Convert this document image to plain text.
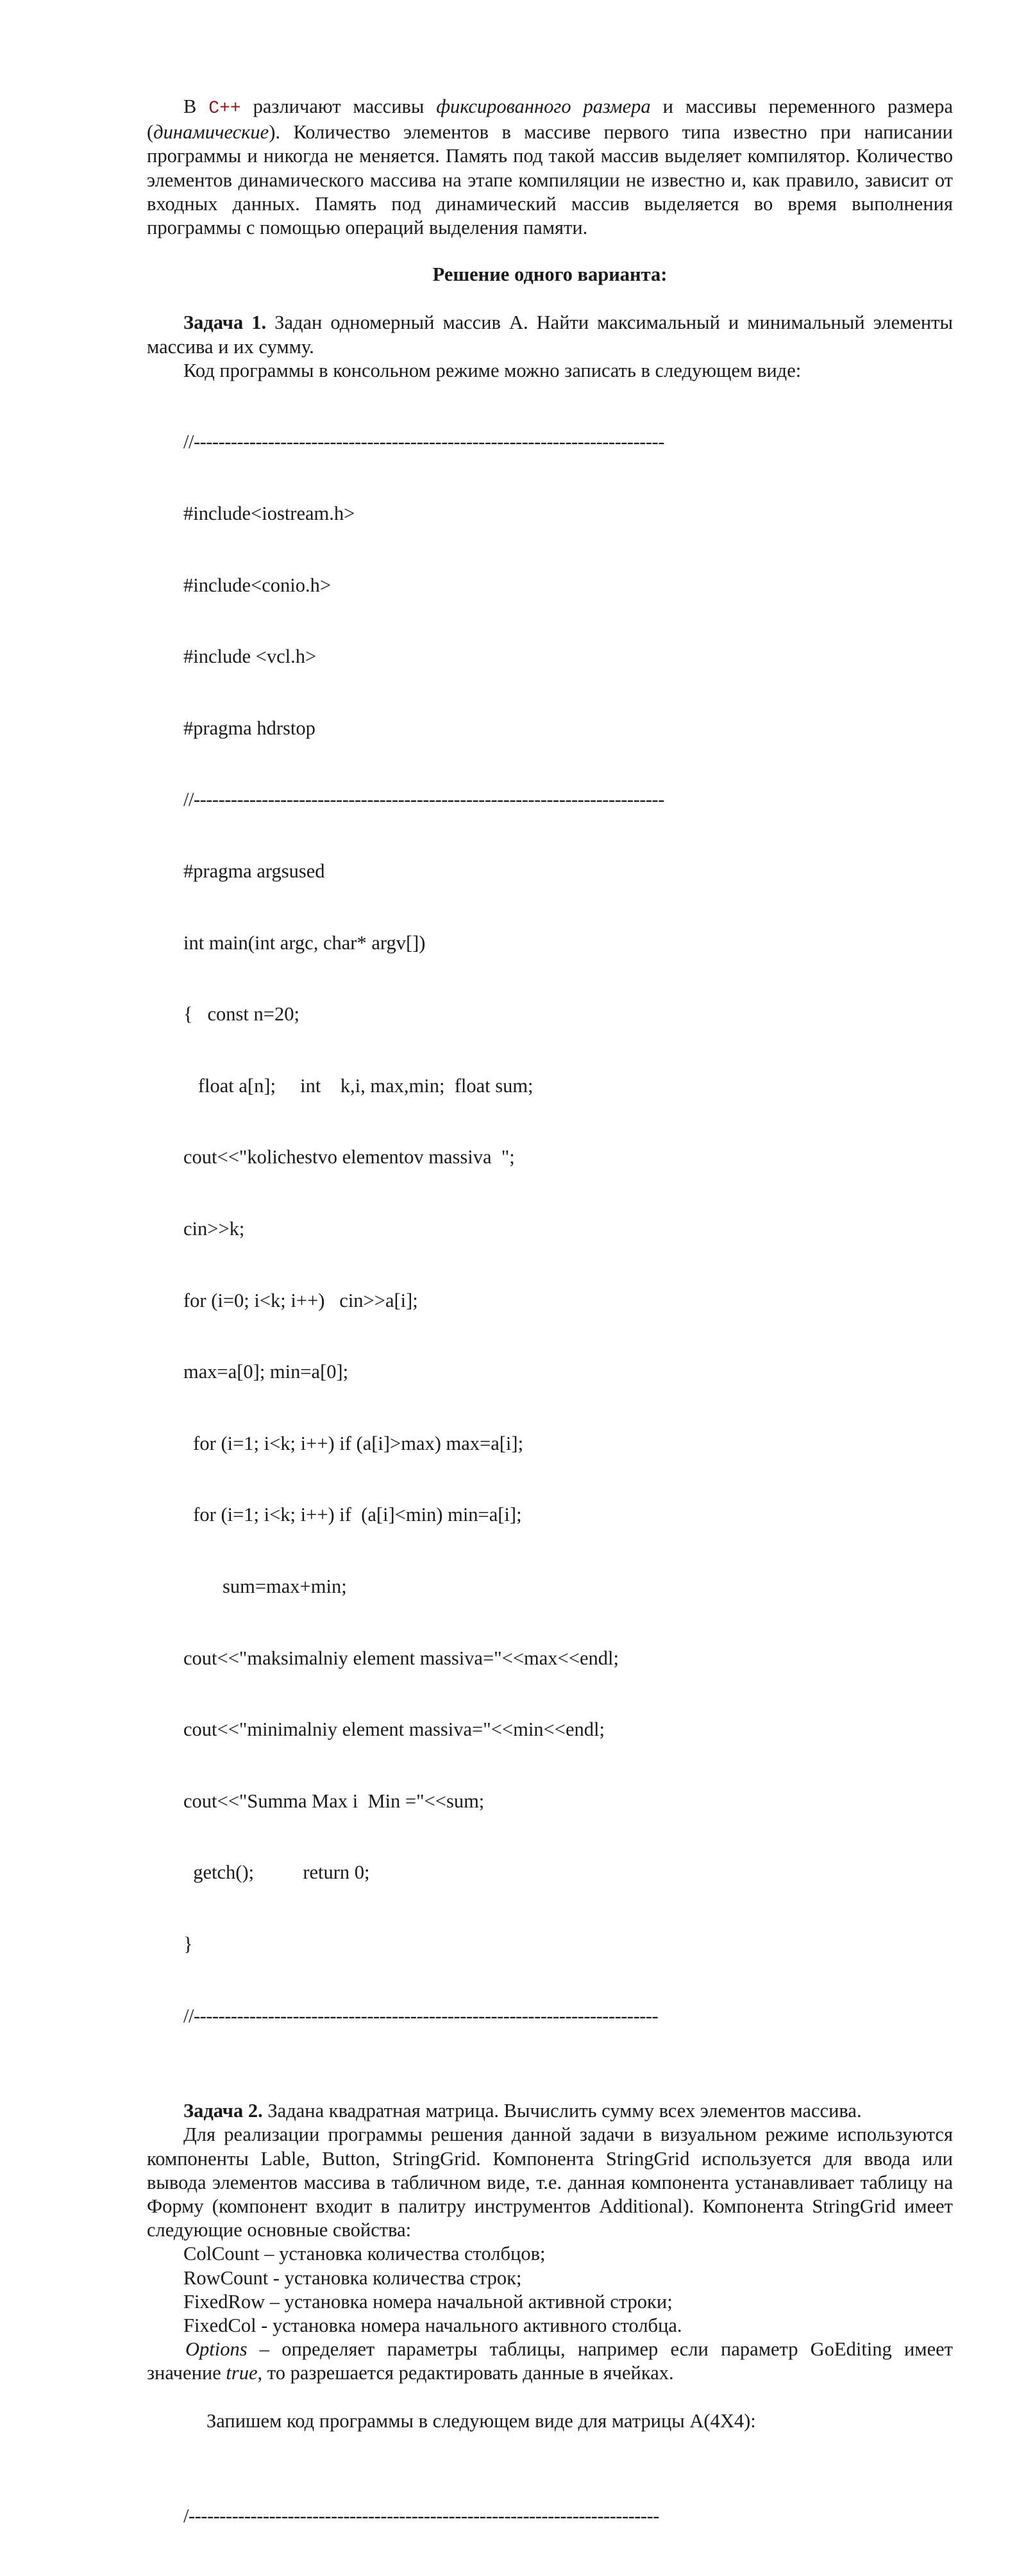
В C++ различают массивы фиксированного размера и массивы переменного размера (динамические). Количество элементов в массиве первого типа известно при написании программы и никогда не меняется. Память под такой массив выделяет компилятор. Количество элементов динамического массива на этапе компиляции не известно и, как правило, зависит от входных данных. Память под динамический массив выделяется во время выполнения программы с помощью операций выделения памяти.

Решение одного варианта:

Задача 1. Задан одномерный массив А. Найти максимальный и минимальный элементы массива и их сумму.

Код программы в консольном режиме можно записать в следующем виде:

//----------------------------------------------------------------------------

#include<iostream.h>

#include<conio.h>

#include <vcl.h>

#pragma hdrstop

//----------------------------------------------------------------------------

#pragma argsused

int main(int argc, char* argv[])

{   const n=20;

float a[n];     int    k,i, max,min;  float sum;

cout<<"kolichestvo elementov massiva  ";

cin>>k;

for (i=0; i<k; i++)   cin>>a[i];

max=a[0]; min=a[0];

for (i=1; i<k; i++) if (a[i]>max) max=a[i];

for (i=1; i<k; i++) if  (a[i]<min) min=a[i];

sum=max+min;

cout<<"maksimalniy element massiva="<<max<<endl;

cout<<"minimalniy element massiva="<<min<<endl;

cout<<"Summa Max i  Min ="<<sum;

getch();          return 0;

}

//---------------------------------------------------------------------------

Задача 2. Задана квадратная матрица. Вычислить сумму всех элементов массива.

Для реализации программы решения данной задачи в визуальном режиме используются компоненты Lable, Button, StringGrid. Компонента StringGrid используется для ввода или вывода элементов массива в табличном виде, т.е. данная компонента устанавливает таблицу на Форму (компонент входит в палитру инструментов Additional). Компонента StringGrid имеет следующие основные свойства:

ColCount – установка количества столбцов;

RowCount - установка количества строк;

FixedRow – установка номера начальной активной строки;

FixedCol - установка номера начального активного столбца.

Options – определяет параметры таблицы, например если параметр GoEditing имеет значение true, то разрешается редактировать данные в ячейках.

Запишем код программы в следующем виде для матрицы А(4Х4):

/----------------------------------------------------------------------------
